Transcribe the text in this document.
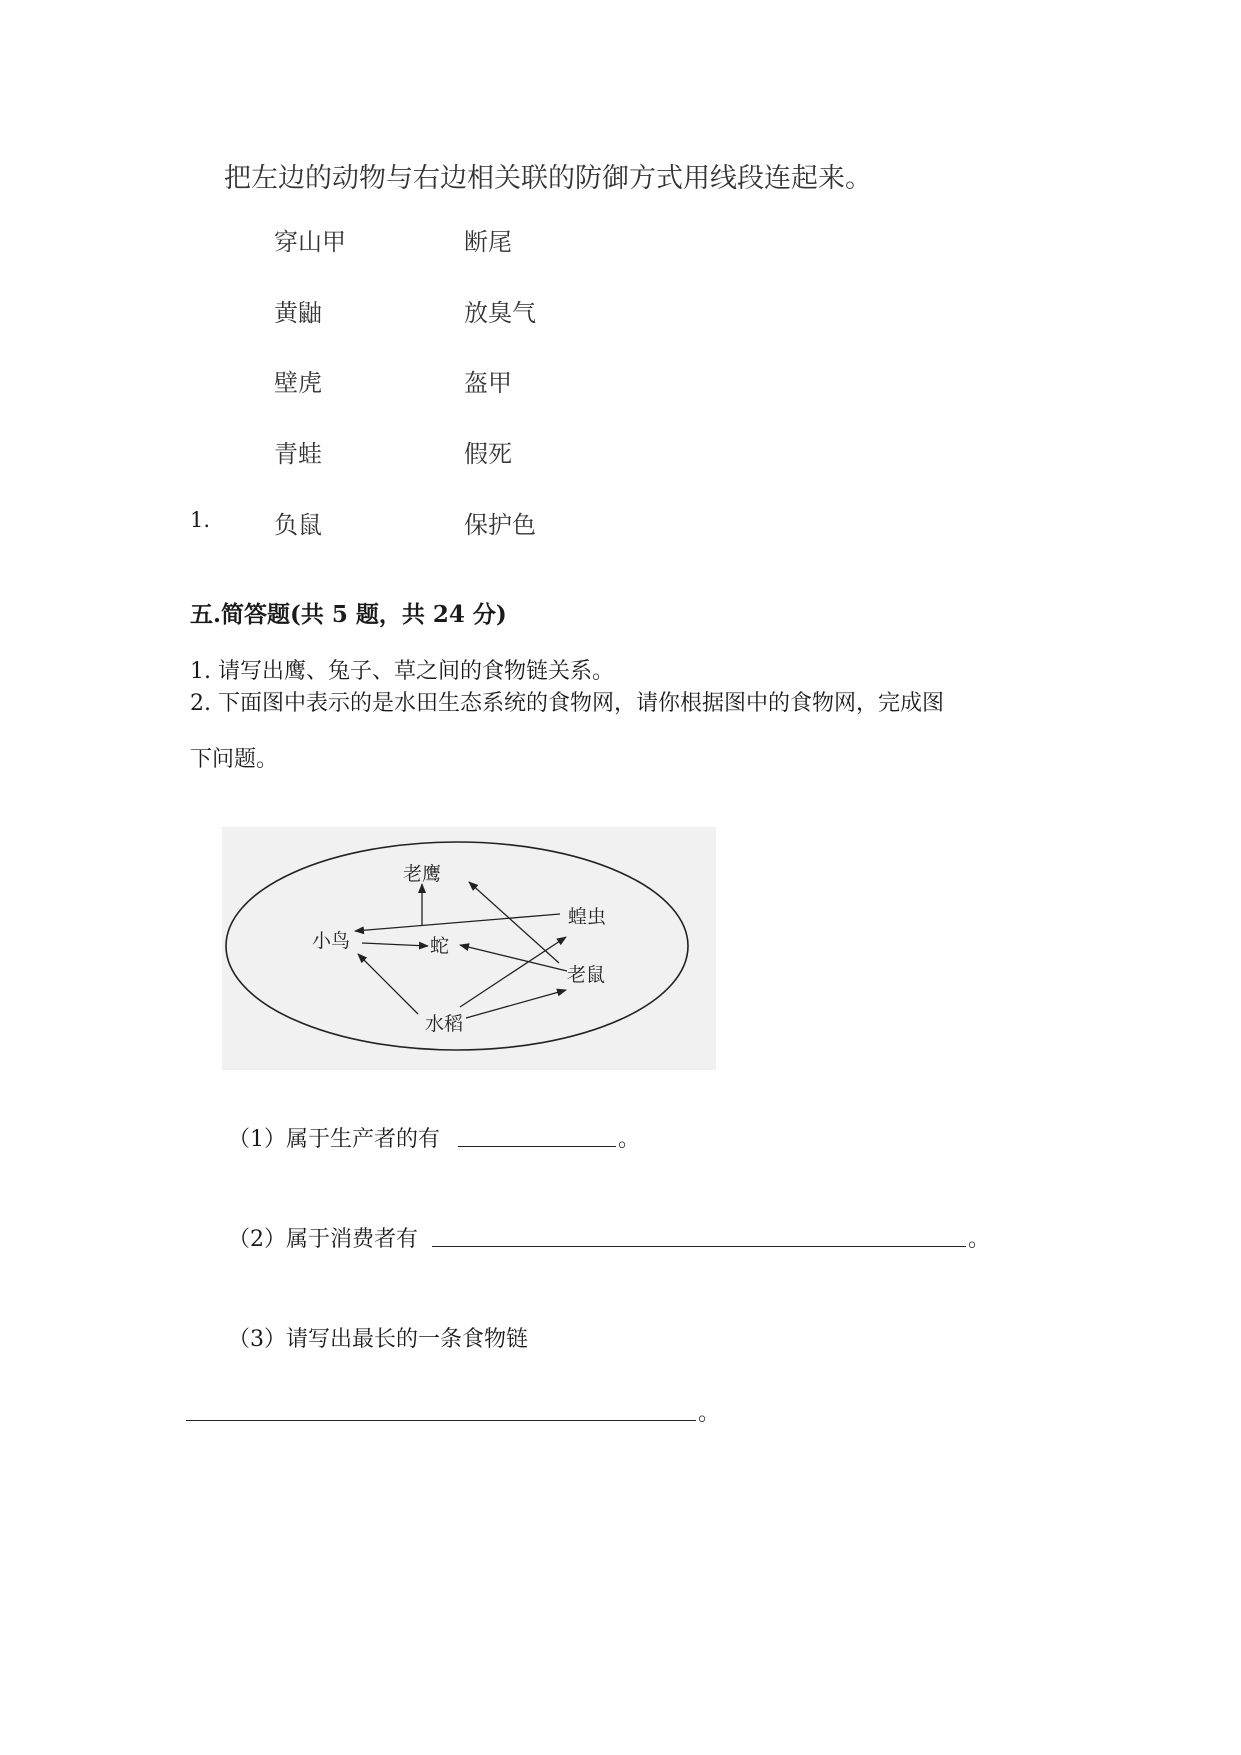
把左边的动物与右边相关联的防御方式用线段连起来。
穿山甲	断尾
黄鼬	放臭气
壁虎	盔甲
青蛙	假死
1.	负鼠	保护色
五.简答题(共 5 题，共 24 分)
1. 请写出鹰、兔子、草之间的食物链关系。
2. 下面图中表示的是水田生态系统的食物网，请你根据图中的食物网，完成图
下问题。
老鹰
蝗虫
小鸟	蛇
老鼠
水稻
（1）属于生产者的有	。
（2）属于消费者有	。
（3）请写出最长的一条食物链
。
